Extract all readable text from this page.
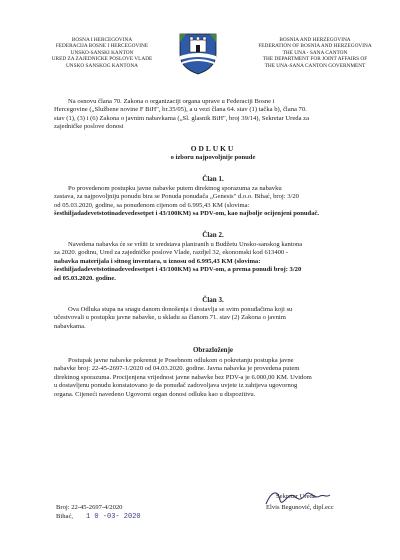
BOSNA I HERCEGOVINA
FEDERACIJA BOSNE I HERCEGOVINE
UNSKO-SANSKI KANTON
URED ZA ZAJEDNIČKE POSLOVE VLADE
UNSKO SANSKOG KANTONA
BOSNIA AND HERZEGOVINA
FEDERATION OF BOSNIA AND HERZEGOVINA
THE UNA - SANA CANTON
THE DEPARTMENT FOR JOINT AFFAIRS OF
THE UNA-SANA CANTON GOVERNMENT
Na osnovu člana 70. Zakona o organizaciji organa uprave u Federaciji Bosne i
Hercegovine („Službene novine F BiH", br.35/05), a u vezi člana 64. stav (1) tačka b), člana 70.
stav (1), (3) i (6) Zakona o javnim nabavkama („Sl. glasnik BiH", broj 39/14), Sekretar Ureda za
zajedničke poslove donosi
ODLUKU
o izboru najpovoljnije ponude
Član 1.
Po provedenom postupku javne nabavke putem direktnog sporazuma za nabavku
zastava, za najpovoljniju ponudu bira se Ponuda ponuđača „Genesis" d.o.o. Bihać, broj: 3/20
od 05.03.2020, godine, sa ponuđenom cijenom od 6.995,43 KM (slovima:
šesthiljadadevetstotinadevedesetpet i 43/100KM) sa PDV-om, kao najbolje ocijenjeni ponuđač.
Član 2.
Navedena nabavka će se vršiti iz sredstava planiranih u Budžetu Unsko-sanskog kantona
za 2020. godinu, Ured za zajedničke poslove Vlade, razdjel 32, ekonomski kod 613400 -
nabavka materijala i sitnog inventara, u iznosu od 6.995,43 KM (slovima:
šesthiljadadevetstotinadevedesetpet i 43/100KM) sa PDV-om, a prema ponudi broj: 3/20
od 05.03.2020. godine.
Član 3.
Ova Odluka stupa na snagu danom donošenja i dostavlja se svim ponuđačima koji su
učestvovali u postupku javne nabavke, u skladu sa članom 71. stav (2) Zakona o javnim
nabavkama.
Obrazloženje
Postupak javne nabavke pokrenut je Posebnom odlukom o pokretanju postupka javne
nabavke broj: 22-45-2697-1/2020 od 04.03.2020. godine. Javna nabavka je provedena putem
direktnog sporazuma. Procijenjena vrijednost javne nabavke bez PDV-a je 6.000,00 KM. Uvidom
u dostavljenu ponudu konstatovano je da ponuđač zadovoljava uvjete iz zahtjeva ugovornog
organa. Cijeneći navedeno Ugovorni organ donosi odluku kao u dispozitivu.
Broj: 22-45-2697-4/2020
Bihać, 1 0 -03- 2020
Sekretar Ureda
Elvis Begunović, dipl.ecc
